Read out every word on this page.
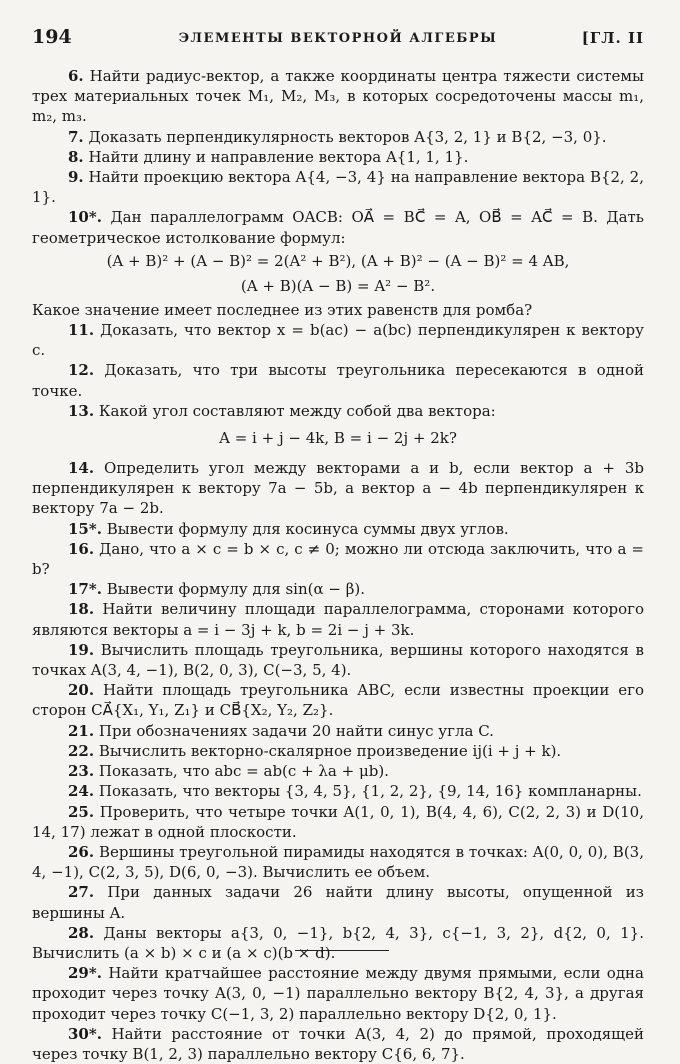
194	ЭЛЕМЕНТЫ ВЕКТОРНОЙ АЛГЕБРЫ	[ГЛ. II

6. Найти радиус-вектор, а также координаты центра тяжести системы трех материальных точек M₁, M₂, M₃, в которых сосредоточены массы m₁, m₂, m₃.

7. Доказать перпендикулярность векторов A{3, 2, 1} и B{2, −3, 0}.

8. Найти длину и направление вектора A{1, 1, 1}.

9. Найти проекцию вектора A{4, −3, 4} на направление вектора B{2, 2, 1}.

10*. Дан параллелограмм OACB: OA⃗ = BC⃗ = A, OB⃗ = AC⃗ = B. Дать геометрическое истолкование формул:

(A + B)² + (A − B)² = 2(A² + B²), (A + B)² − (A − B)² = 4 AB,
(A + B)(A − B) = A² − B².

Какое значение имеет последнее из этих равенств для ромба?

11. Доказать, что вектор x = b(ac) − a(bc) перпендикулярен к вектору c.

12. Доказать, что три высоты треугольника пересекаются в одной точке.

13. Какой угол составляют между собой два вектора:

A = i + j − 4k, B = i − 2j + 2k?

14. Определить угол между векторами a и b, если вектор a + 3b перпендикулярен к вектору 7a − 5b, а вектор a − 4b перпендикулярен к вектору 7a − 2b.

15*. Вывести формулу для косинуса суммы двух углов.

16. Дано, что a × c = b × c, c ≠ 0; можно ли отсюда заключить, что a = b?

17*. Вывести формулу для sin(α − β).

18. Найти величину площади параллелограмма, сторонами которого являются векторы a = i − 3j + k, b = 2i − j + 3k.

19. Вычислить площадь треугольника, вершины которого находятся в точках A(3, 4, −1), B(2, 0, 3), C(−3, 5, 4).

20. Найти площадь треугольника ABC, если известны проекции его сторон CA⃗{X₁, Y₁, Z₁} и CB⃗{X₂, Y₂, Z₂}.

21. При обозначениях задачи 20 найти синус угла C.

22. Вычислить векторно-скалярное произведение ij(i + j + k).

23. Показать, что abc = ab(c + λa + μb).

24. Показать, что векторы {3, 4, 5}, {1, 2, 2}, {9, 14, 16} компланарны.

25. Проверить, что четыре точки A(1, 0, 1), B(4, 4, 6), C(2, 2, 3) и D(10, 14, 17) лежат в одной плоскости.

26. Вершины треугольной пирамиды находятся в точках: A(0, 0, 0), B(3, 4, −1), C(2, 3, 5), D(6, 0, −3). Вычислить ее объем.

27. При данных задачи 26 найти длину высоты, опущенной из вершины A.

28. Даны векторы a{3, 0, −1}, b{2, 4, 3}, c{−1, 3, 2}, d{2, 0, 1}. Вычислить (a × b) × c и (a × c)(b × d).

29*. Найти кратчайшее расстояние между двумя прямыми, если одна проходит через точку A(3, 0, −1) параллельно вектору B{2, 4, 3}, а другая проходит через точку C(−1, 3, 2) параллельно вектору D{2, 0, 1}.

30*. Найти расстояние от точки A(3, 4, 2) до прямой, проходящей через точку B(1, 2, 3) параллельно вектору C{6, 6, 7}.
